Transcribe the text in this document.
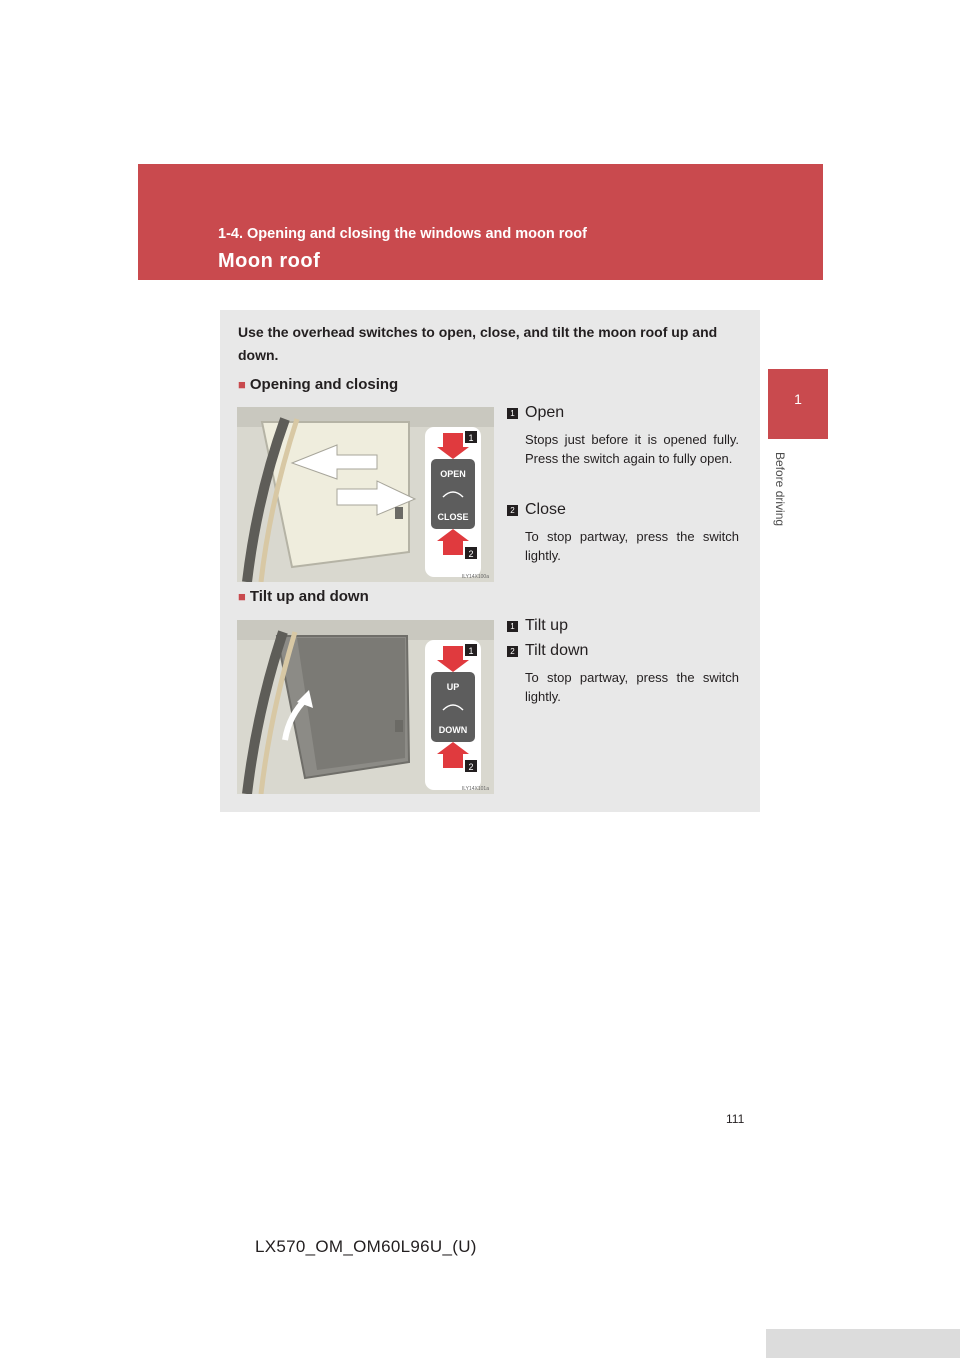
1-4. Opening and closing the windows and moon roof
Moon roof
1
Before driving
Use the overhead switches to open, close, and tilt the moon roof up and down.
■ Opening and closing
OPEN
CLOSE
1
2
ILY14X100a
1 Open
Stops just before it is opened fully. Press the switch again to fully open.
2 Close
To stop partway, press the switch lightly.
■ Tilt up and down
UP
DOWN
1
2
ILY14X101a
1 Tilt up
2 Tilt down
To stop partway, press the switch lightly.
111
LX570_OM_OM60L96U_(U)
